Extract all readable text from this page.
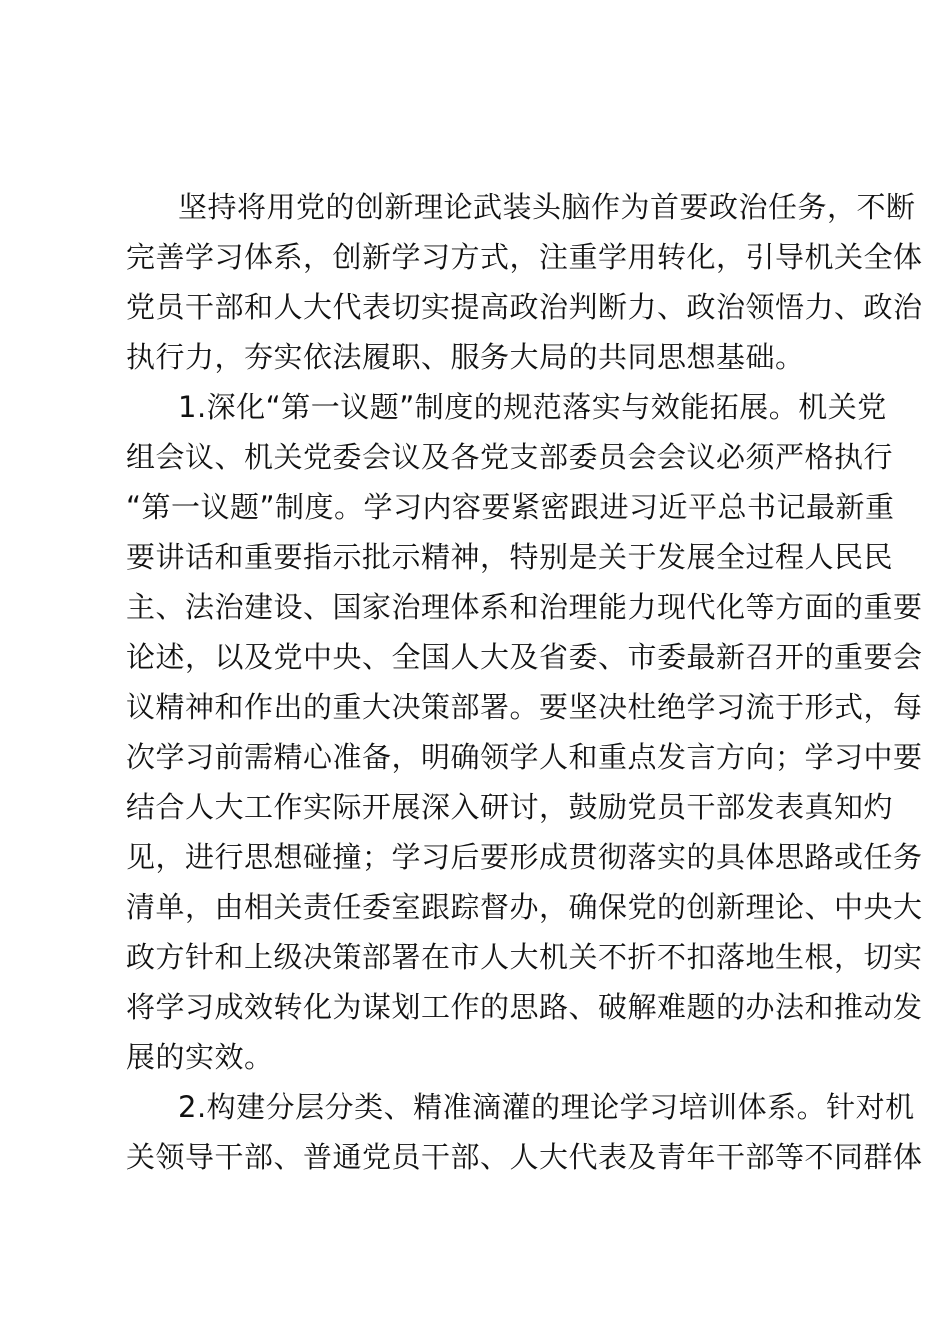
坚持将用党的创新理论武装头脑作为首要政治任务，不断
完善学习体系，创新学习方式，注重学用转化，引导机关全体
党员干部和人大代表切实提高政治判断力、政治领悟力、政治
执行力，夯实依法履职、服务大局的共同思想基础。
1.深化“第一议题”制度的规范落实与效能拓展。机关党
组会议、机关党委会议及各党支部委员会会议必须严格执行
“第一议题”制度。学习内容要紧密跟进习近平总书记最新重
要讲话和重要指示批示精神，特别是关于发展全过程人民民
主、法治建设、国家治理体系和治理能力现代化等方面的重要
论述，以及党中央、全国人大及省委、市委最新召开的重要会
议精神和作出的重大决策部署。要坚决杜绝学习流于形式，每
次学习前需精心准备，明确领学人和重点发言方向；学习中要
结合人大工作实际开展深入研讨，鼓励党员干部发表真知灼
见，进行思想碰撞；学习后要形成贯彻落实的具体思路或任务
清单，由相关责任委室跟踪督办，确保党的创新理论、中央大
政方针和上级决策部署在市人大机关不折不扣落地生根，切实
将学习成效转化为谋划工作的思路、破解难题的办法和推动发
展的实效。
2.构建分层分类、精准滴灌的理论学习培训体系。针对机
关领导干部、普通党员干部、人大代表及青年干部等不同群体
